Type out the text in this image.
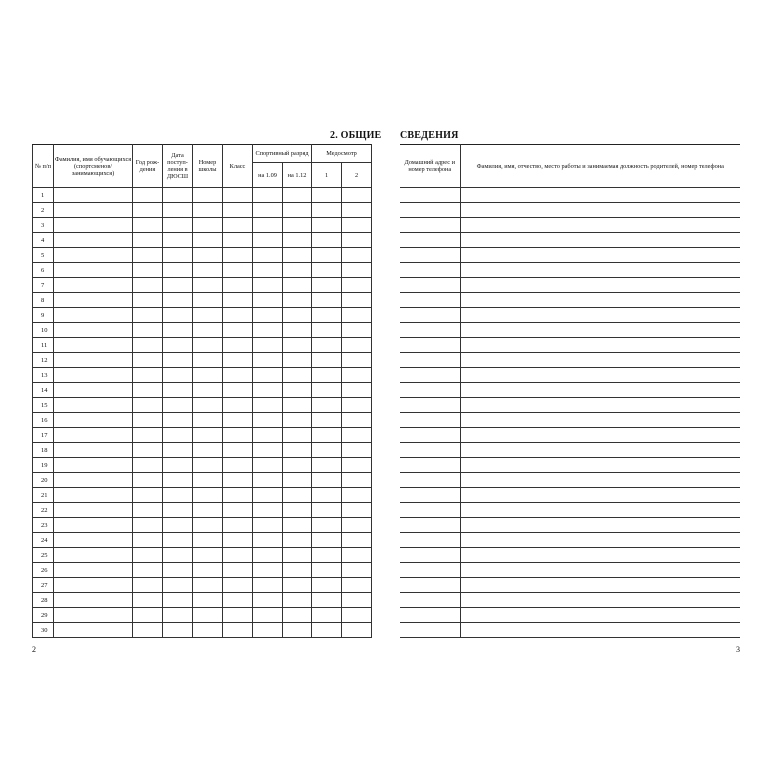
2. ОБЩИЕ
№ п/п	Фамилия, имя обучающихся (спортсменов/ занимающихся)	Год рож- дения	Дата поступ- ления в ДЮСШ	Номер школы	Класс	Спортивный разряд		Медосмотр	
						на 1.09	на 1.12	1	2
1									
2									
3									
4									
5									
6									
7									
8									
9									
10									
11									
12									
13									
14									
15									
16									
17									
18									
19									
20									
21									
22									
23									
24									
25									
26									
27									
28									
29									
30									
2
СВЕДЕНИЯ
Домашний адрес и номер телефона	Фамилия, имя, отчество, место работы и занимаемая должность родителей, номер телефона

3
